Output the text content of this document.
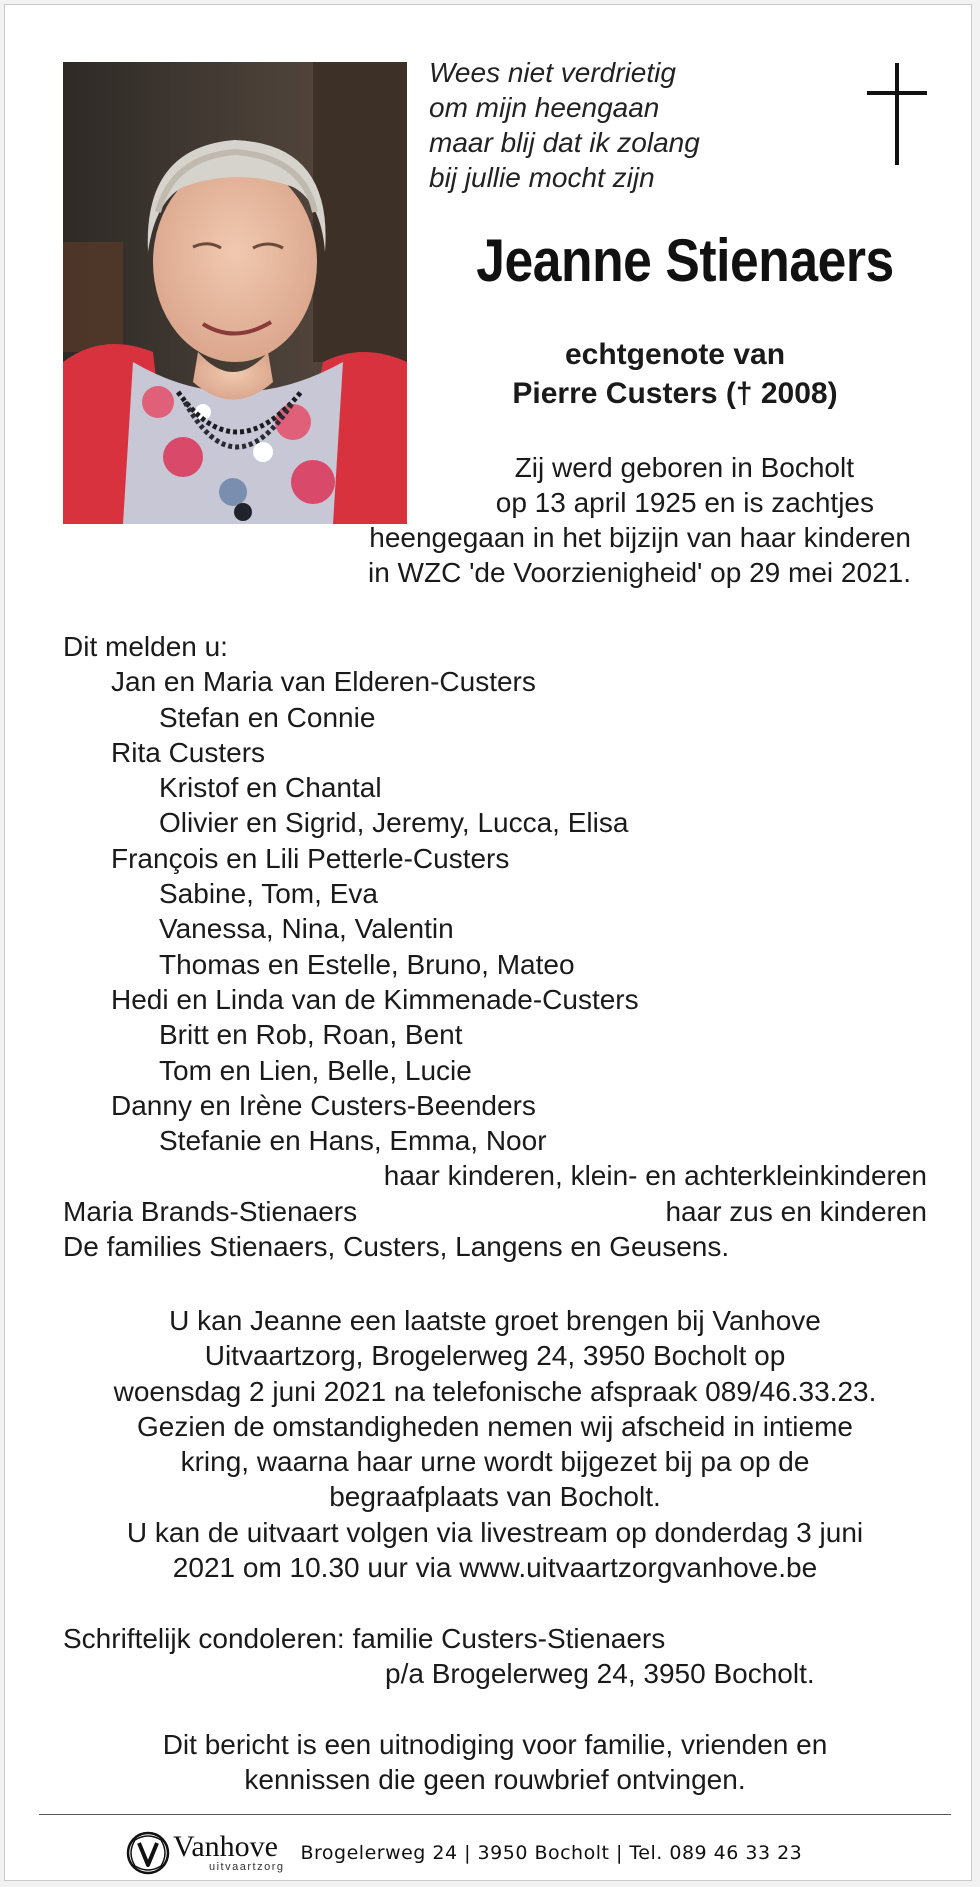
Wees niet verdrietig
om mijn heengaan
maar blij dat ik zolang
bij jullie mocht zijn
Jeanne Stienaers
echtgenote van
Pierre Custers († 2008)
Zij werd geboren in Bocholt
op 13 april 1925 en is zachtjes
heengegaan in het bijzijn van haar kinderen
in WZC 'de Voorzienigheid' op 29 mei 2021.
Dit melden u:
Jan en Maria van Elderen-Custers
Stefan en Connie
Rita Custers
Kristof en Chantal
Olivier en Sigrid, Jeremy, Lucca, Elisa
François en Lili Petterle-Custers
Sabine, Tom, Eva
Vanessa, Nina, Valentin
Thomas en Estelle, Bruno, Mateo
Hedi en Linda van de Kimmenade-Custers
Britt en Rob, Roan, Bent
Tom en Lien, Belle, Lucie
Danny en Irène Custers-Beenders
Stefanie en Hans, Emma, Noor
haar kinderen, klein- en achterkleinkinderen
Maria Brands-Stienaers	haar zus en kinderen
De families Stienaers, Custers, Langens en Geusens.
U kan Jeanne een laatste groet brengen bij Vanhove
Uitvaartzorg, Brogelerweg 24, 3950 Bocholt op
woensdag 2 juni 2021 na telefonische afspraak 089/46.33.23.
Gezien de omstandigheden nemen wij afscheid in intieme
kring, waarna haar urne wordt bijgezet bij pa op de
begraafplaats van Bocholt.
U kan de uitvaart volgen via livestream op donderdag 3 juni
2021 om 10.30 uur via www.uitvaartzorgvanhove.be
Schriftelijk condoleren: familie Custers-Stienaers
p/a Brogelerweg 24, 3950 Bocholt.
Dit bericht is een uitnodiging voor familie, vrienden en
kennissen die geen rouwbrief ontvingen.
Vanhove
uitvaartzorg
Brogelerweg 24 | 3950 Bocholt | Tel. 089 46 33 23
